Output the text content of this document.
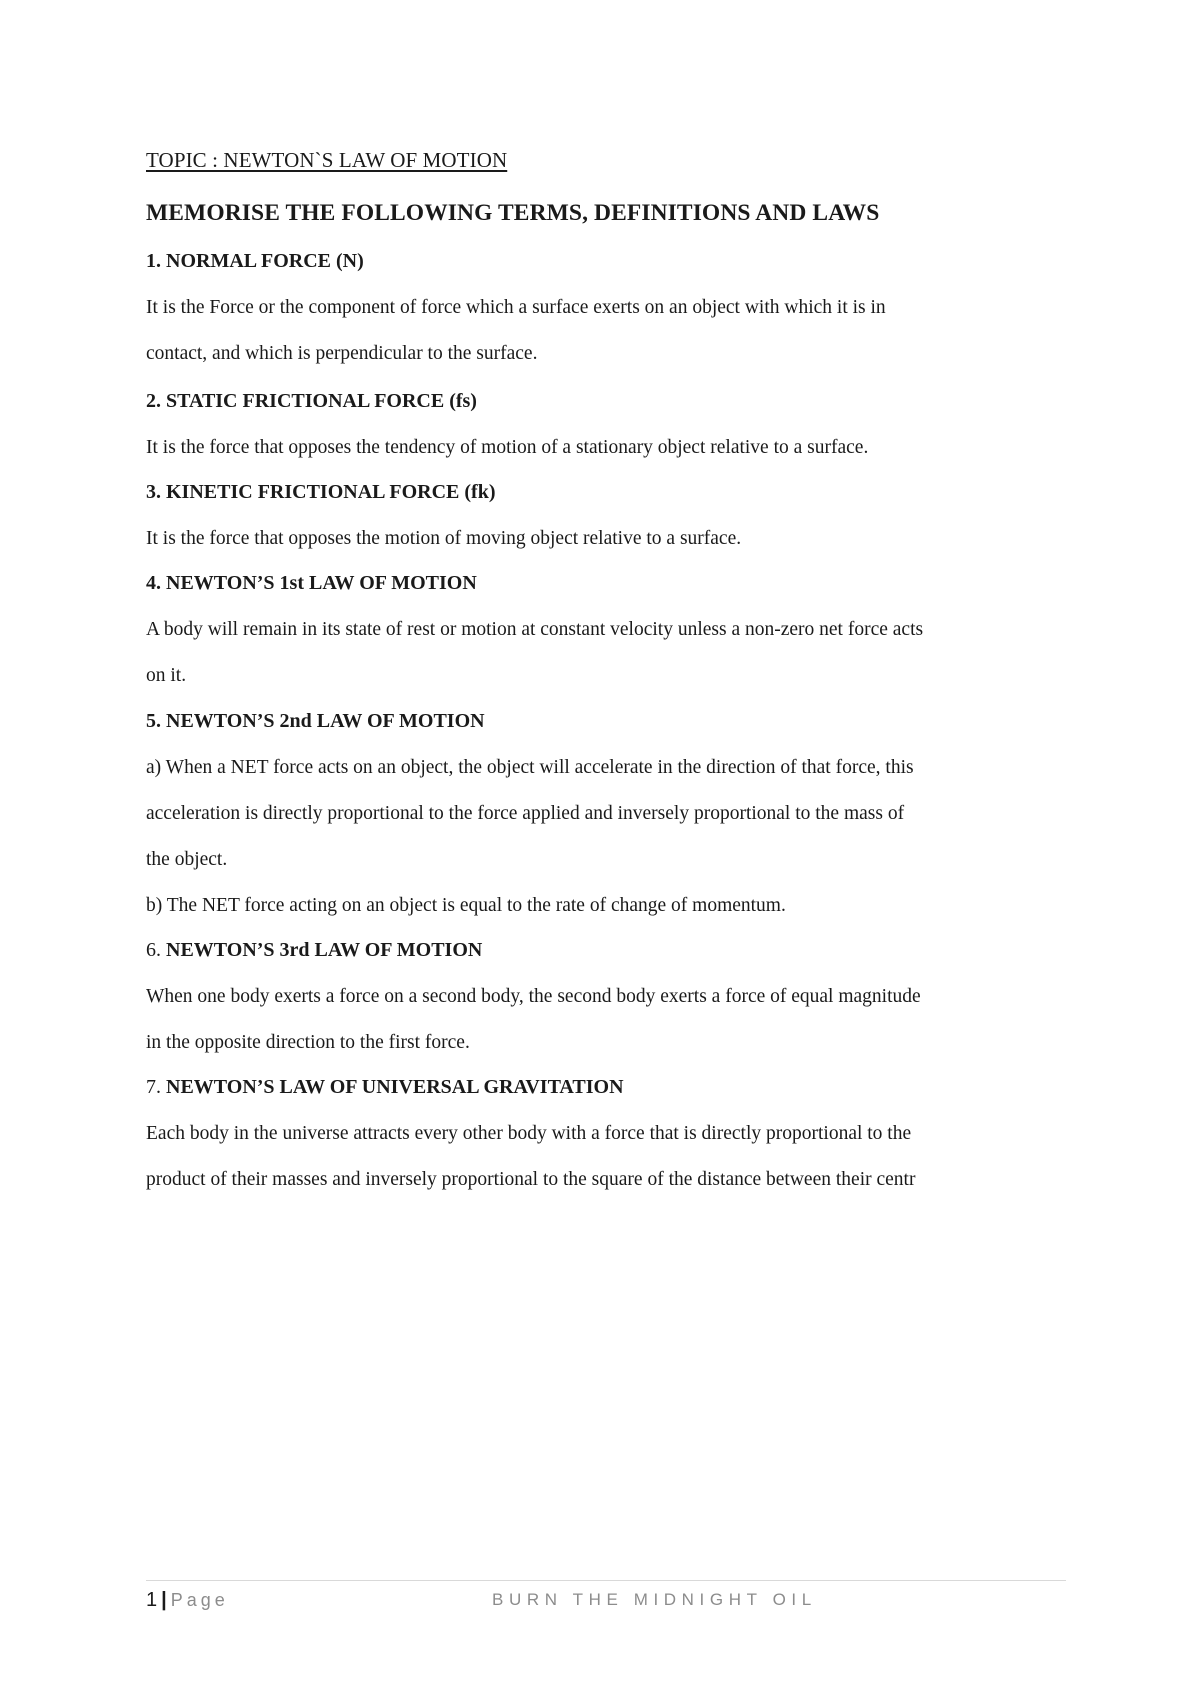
TOPIC : NEWTON`S LAW OF MOTION

MEMORISE THE FOLLOWING TERMS, DEFINITIONS AND LAWS

1. NORMAL FORCE (N)

It is the Force or the component of force which a surface exerts on an object with which it is in

contact, and which is perpendicular to the surface.

2. STATIC FRICTIONAL FORCE (fs)

It is the force that opposes the tendency of motion of a stationary object relative to a surface.

3. KINETIC FRICTIONAL FORCE (fk)

It is the force that opposes the motion of moving object relative to a surface.

4. NEWTON’S 1st LAW OF MOTION

A body will remain in its state of rest or motion at constant velocity unless a non-zero net force acts

on it.

5. NEWTON’S 2nd LAW OF MOTION

a) When a NET force acts on an object, the object will accelerate in the direction of that force, this

acceleration is directly proportional to the force applied and inversely proportional to the mass of

the object.

b) The NET force acting on an object is equal to the rate of change of momentum.

6. NEWTON’S 3rd LAW OF MOTION

When one body exerts a force on a second body, the second body exerts a force of equal magnitude

in the opposite direction to the first force.

7. NEWTON’S LAW OF UNIVERSAL GRAVITATION

Each body in the universe attracts every other body with a force that is directly proportional to the

product of their masses and inversely proportional to the square of the distance between their centr

1 | Page	BURN THE MIDNIGHT OIL
